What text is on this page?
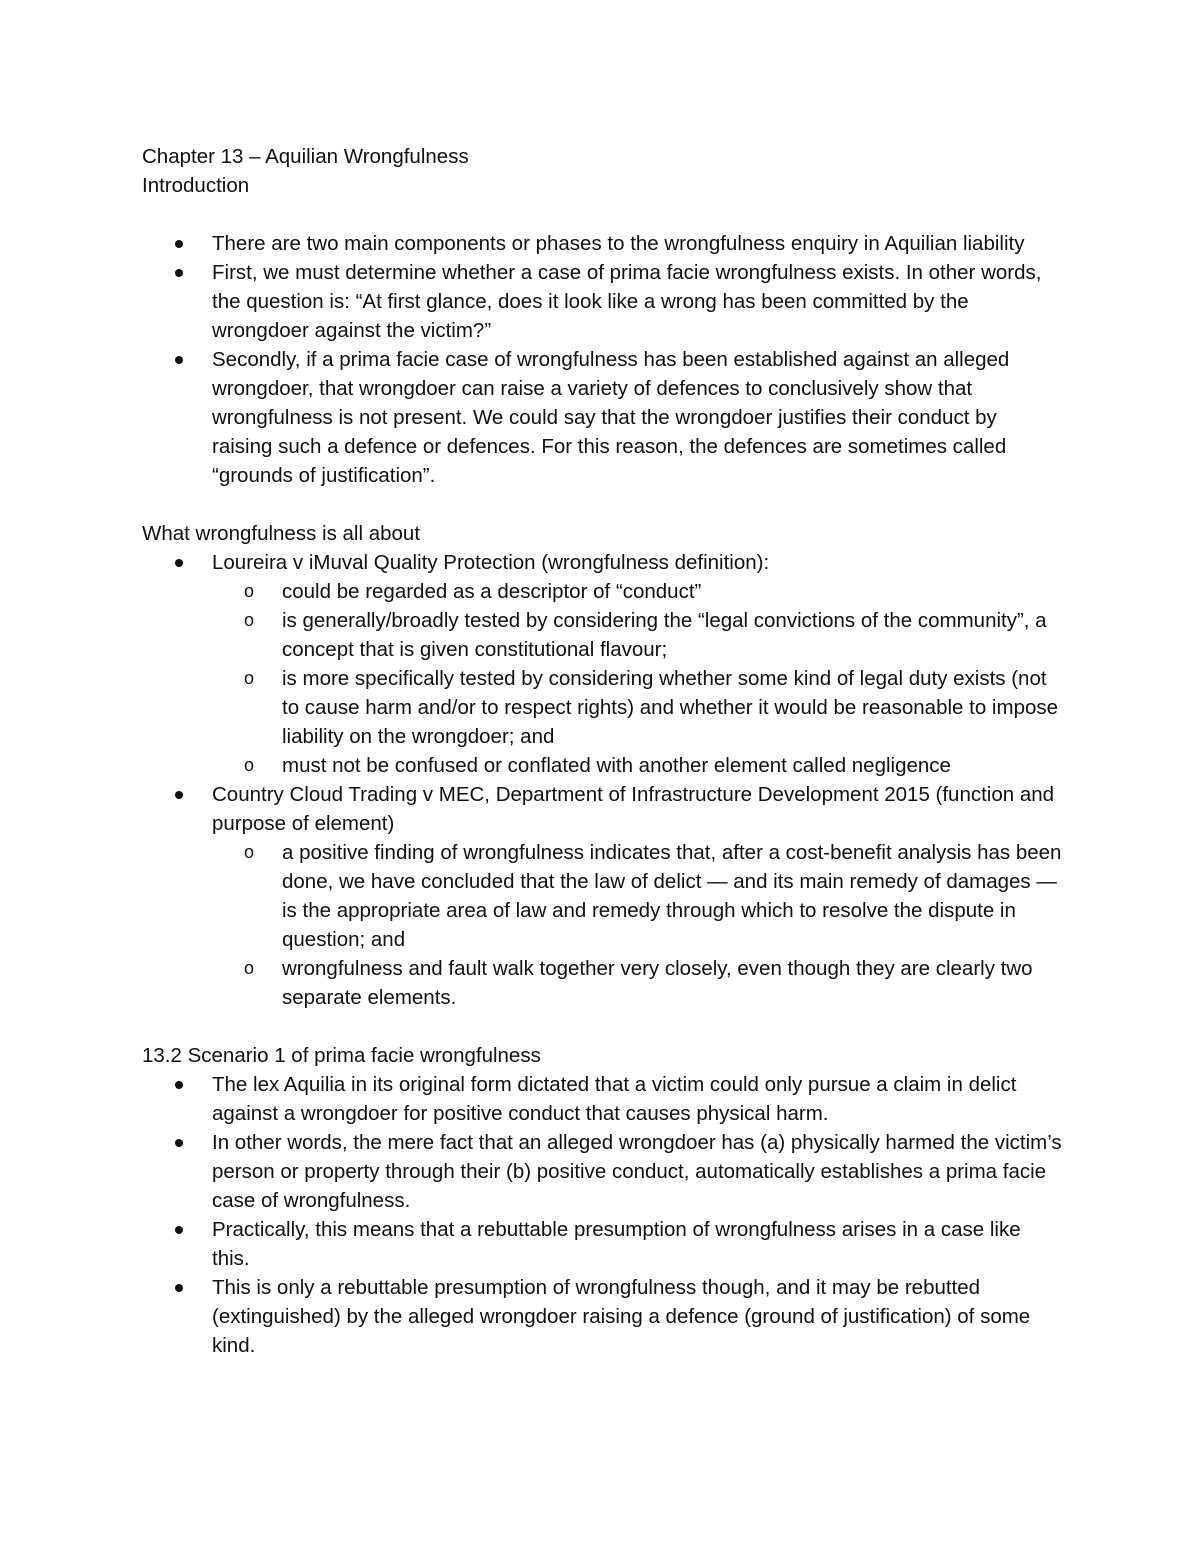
Chapter 13 – Aquilian Wrongfulness

Introduction

There are two main components or phases to the wrongfulness enquiry in Aquilian liability
First, we must determine whether a case of prima facie wrongfulness exists. In other words, the question is: “At first glance, does it look like a wrong has been committed by the wrongdoer against the victim?”
Secondly, if a prima facie case of wrongfulness has been established against an alleged wrongdoer, that wrongdoer can raise a variety of defences to conclusively show that wrongfulness is not present. We could say that the wrongdoer justifies their conduct by raising such a defence or defences. For this reason, the defences are sometimes called “grounds of justification”.

What wrongfulness is all about

Loureira v iMuval Quality Protection (wrongfulness definition):
o could be regarded as a descriptor of “conduct”
o is generally/broadly tested by considering the “legal convictions of the community”, a concept that is given constitutional flavour;
o is more specifically tested by considering whether some kind of legal duty exists (not to cause harm and/or to respect rights) and whether it would be reasonable to impose liability on the wrongdoer; and
o must not be confused or conflated with another element called negligence
Country Cloud Trading v MEC, Department of Infrastructure Development 2015 (function and purpose of element)
o a positive finding of wrongfulness indicates that, after a cost-benefit analysis has been done, we have concluded that the law of delict — and its main remedy of damages — is the appropriate area of law and remedy through which to resolve the dispute in question; and
o wrongfulness and fault walk together very closely, even though they are clearly two separate elements.

13.2 Scenario 1 of prima facie wrongfulness

The lex Aquilia in its original form dictated that a victim could only pursue a claim in delict against a wrongdoer for positive conduct that causes physical harm.
In other words, the mere fact that an alleged wrongdoer has (a) physically harmed the victim’s person or property through their (b) positive conduct, automatically establishes a prima facie case of wrongfulness.
Practically, this means that a rebuttable presumption of wrongfulness arises in a case like this.
This is only a rebuttable presumption of wrongfulness though, and it may be rebutted (extinguished) by the alleged wrongdoer raising a defence (ground of justification) of some kind.
